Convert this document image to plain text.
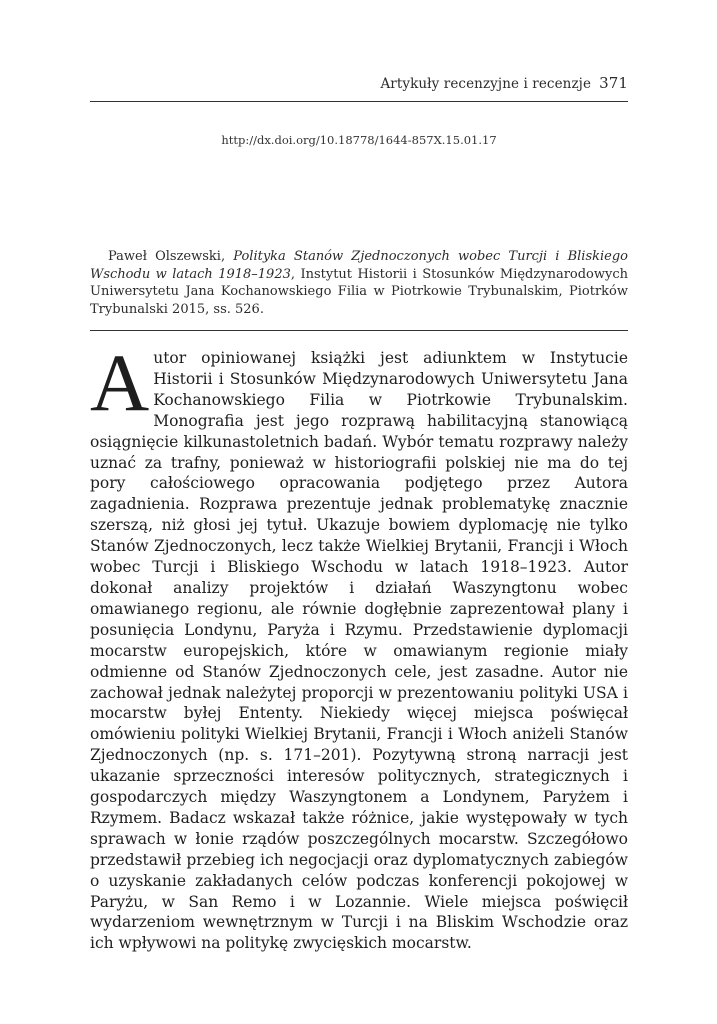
Artykuły recenzyjne i recenzje 371
http://dx.doi.org/10.18778/1644-857X.15.01.17

Paweł Olszewski, Polityka Stanów Zjednoczonych wobec Turcji i Bliskiego Wschodu w latach 1918–1923, Instytut Historii i Stosunków Międzynarodowych Uniwersytetu Jana Kochanowskiego Filia w Piotrkowie Trybunalskim, Piotrków Trybunalski 2015, ss. 526.

Autor opiniowanej książki jest adiunktem w Instytucie Historii i Stosunków Międzynarodowych Uniwersytetu Jana Kochanowskiego Filia w Piotrkowie Trybunalskim. Monografia jest jego rozprawą habilitacyjną stanowiącą osiągnięcie kilkunastoletnich badań. Wybór tematu rozprawy należy uznać za trafny, ponieważ w historiografii polskiej nie ma do tej pory całościowego opracowania podjętego przez Autora zagadnienia. Rozprawa prezentuje jednak problematykę znacznie szerszą, niż głosi jej tytuł. Ukazuje bowiem dyplomację nie tylko Stanów Zjednoczonych, lecz także Wielkiej Brytanii, Francji i Włoch wobec Turcji i Bliskiego Wschodu w latach 1918–1923. Autor dokonał analizy projektów i działań Waszyngtonu wobec omawianego regionu, ale równie dogłębnie zaprezentował plany i posunięcia Londynu, Paryża i Rzymu. Przedstawienie dyplomacji mocarstw europejskich, które w omawianym regionie miały odmienne od Stanów Zjednoczonych cele, jest zasadne. Autor nie zachował jednak należytej proporcji w prezentowaniu polityki USA i mocarstw byłej Ententy. Niekiedy więcej miejsca poświęcał omówieniu polityki Wielkiej Brytanii, Francji i Włoch aniżeli Stanów Zjednoczonych (np. s. 171–201). Pozytywną stroną narracji jest ukazanie sprzeczności interesów politycznych, strategicznych i gospodarczych między Waszyngtonem a Londynem, Paryżem i Rzymem. Badacz wskazał także różnice, jakie występowały w tych sprawach w łonie rządów poszczególnych mocarstw. Szczegółowo przedstawił przebieg ich negocjacji oraz dyplomatycznych zabiegów o uzyskanie zakładanych celów podczas konferencji pokojowej w Paryżu, w San Remo i w Lozannie. Wiele miejsca poświęcił wydarzeniom wewnętrznym w Turcji i na Bliskim Wschodzie oraz ich wpływowi na politykę zwycięskich mocarstw.
